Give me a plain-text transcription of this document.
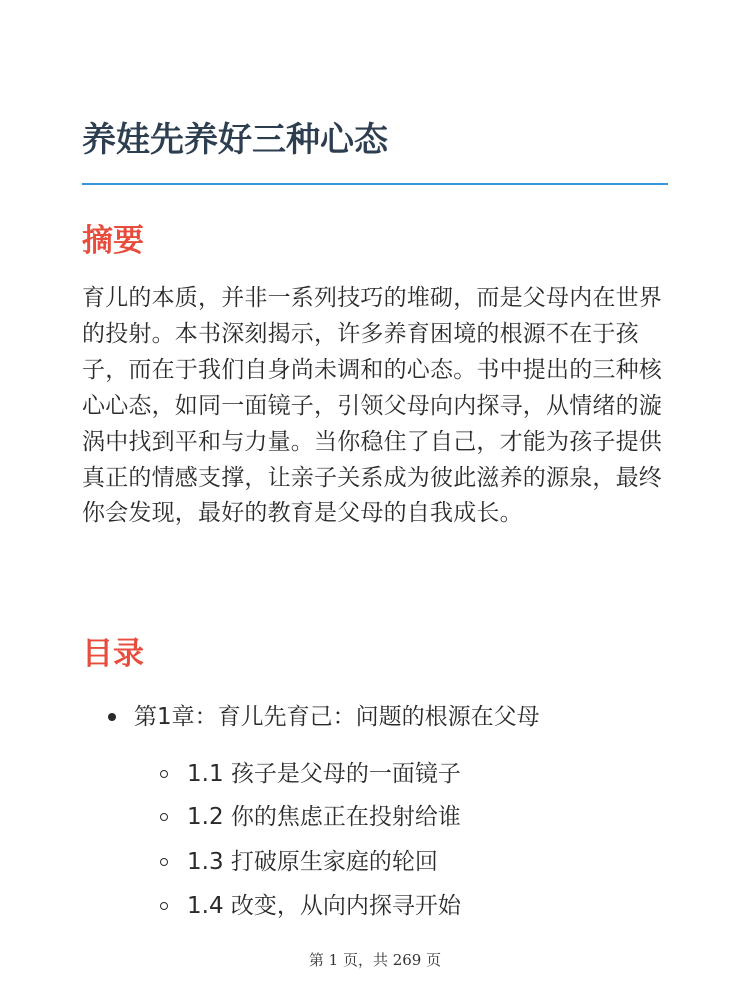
养娃先养好三种心态
摘要

育儿的本质，并非一系列技巧的堆砌，而是父母内在世界的投射。本书深刻揭示，许多养育困境的根源不在于孩子，而在于我们自身尚未调和的心态。书中提出的三种核心心态，如同一面镜子，引领父母向内探寻，从情绪的漩涡中找到平和与力量。当你稳住了自己，才能为孩子提供真正的情感支撑，让亲子关系成为彼此滋养的源泉，最终你会发现，最好的教育是父母的自我成长。

目录
第1章：育儿先育己：问题的根源在父母
1.1 孩子是父母的一面镜子
1.2 你的焦虑正在投射给谁
1.3 打破原生家庭的轮回
1.4 改变，从向内探寻开始
第 1 页，共 269 页
